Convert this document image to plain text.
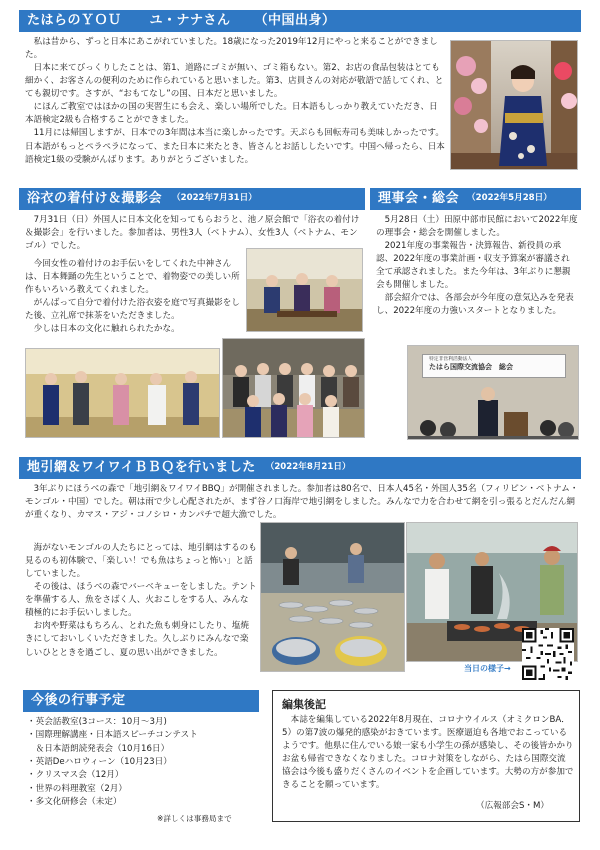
たはらのＹＯＵ ユ・ナナさん （中国出身）

私は昔から、ずっと日本にあこがれていました。18歳になった2019年12月にやっと来ることができました。

日本に来てびっくりしたことは、第1、道路にゴミが無い、ゴミ箱もない。第2、お店の食品包装はとても細かく、お客さんの便利のために作られていると思いました。第3、店員さんの対応が敬語で話してくれ、とても親切です。さすが、“おもてなし”の国、日本だと思いました。

にほんご教室ではほかの国の実習生にも会え、楽しい場所でした。日本語もしっかり教えていただき、日本語検定2級も合格することができました。

11月には帰国しますが、日本での3年間は本当に楽しかったです。天ぷらも回転寿司も美味しかったです。日本語がもっとペラペラになって、また日本に来たとき、皆さんとお話ししたいです。中国へ帰ったら、日本語検定1級の受験がんばります。ありがとうございました。

浴衣の着付け＆撮影会 （2022年7月31日）

7月31日（日）外国人に日本文化を知ってもらおうと、池ノ原会館で「浴衣の着付け＆撮影会」を行いました。参加者は、男性3人（ベトナム）、女性3人（ベトナム、モンゴル）でした。

今回女性の着付けのお手伝いをしてくれた中神さんは、日本舞踊の先生ということで、着物姿での美しい所作もいろいろ教えてくれました。

がんばって自分で着付けた浴衣姿を庭で写真撮影をした後、立礼席で抹茶をいただきました。

少しは日本の文化に触れられたかな。

理事会・総会 （2022年5月28日）

5月28日（土）田原中部市民館において2022年度の理事会・総会を開催しました。

2021年度の事業報告・決算報告、新役員の承認、2022年度の事業計画・収支予算案が審議され全て承認されました。また今年は、3年ぶりに懇親会も開催しました。

部会紹介では、各部会が今年度の意気込みを発表し、2022年度の力強いスタートとなりました。

特定非営利活動法人
たはら国際交流協会　総会
地引網＆ワイワイＢＢＱを行いました （2022年8月21日）

3年ぶりにほうべの森で「地引網＆ワイワイBBQ」が開催されました。参加者は80名で、日本人45名・外国人35名（フィリピン・ベトナム・モンゴル・中国）でした。朝は雨で少し心配されたが、まず谷ノ口海岸で地引網をしました。みんなで力を合わせて網を引っ張るとだんだん網が重くなり、カマス・アジ・コノシロ・カンパチで超大漁でした。

海がないモンゴルの人たちにとっては、地引網はするのも見るのも初体験で、「楽しい！でも魚はちょっと怖い」と話していました。

その後は、ほうべの森でバーベキューをしました。テントを準備する人、魚をさばく人、火おこしをする人、みんな積極的にお手伝いしました。

お肉や野菜はもちろん、とれた魚も刺身にしたり、塩焼きにしておいしくいただきました。久しぶりにみんなで楽しいひとときを過ごし、夏の思い出ができました。

当日の様子→
今後の行事予定
・英会話教室(3コース：10月～3月)
・国際理解講座・日本語スピーチコンテスト
　＆日本語朗読発表会（10月16日）
・英語Deハロウィーン（10月23日）
・クリスマス会（12月）
・世界の料理教室（2月）
・多文化研修会（未定）
※詳しくは事務局まで
編集後記

本誌を編集している2022年8月現在、コロナウイルス（オミクロンBA．5）の第7波の爆発的感染がおきています。医療逼迫も各地でおこっているようです。他県に住んでいる娘一家も小学生の孫が感染し、その後皆かかりお盆も帰省できなくなりました。コロナ対策をしながら、たはら国際交流協会は今後も盛りだくさんのイベントを企画しています。大勢の方が参加できることを願っています。

（広報部会S・M）
